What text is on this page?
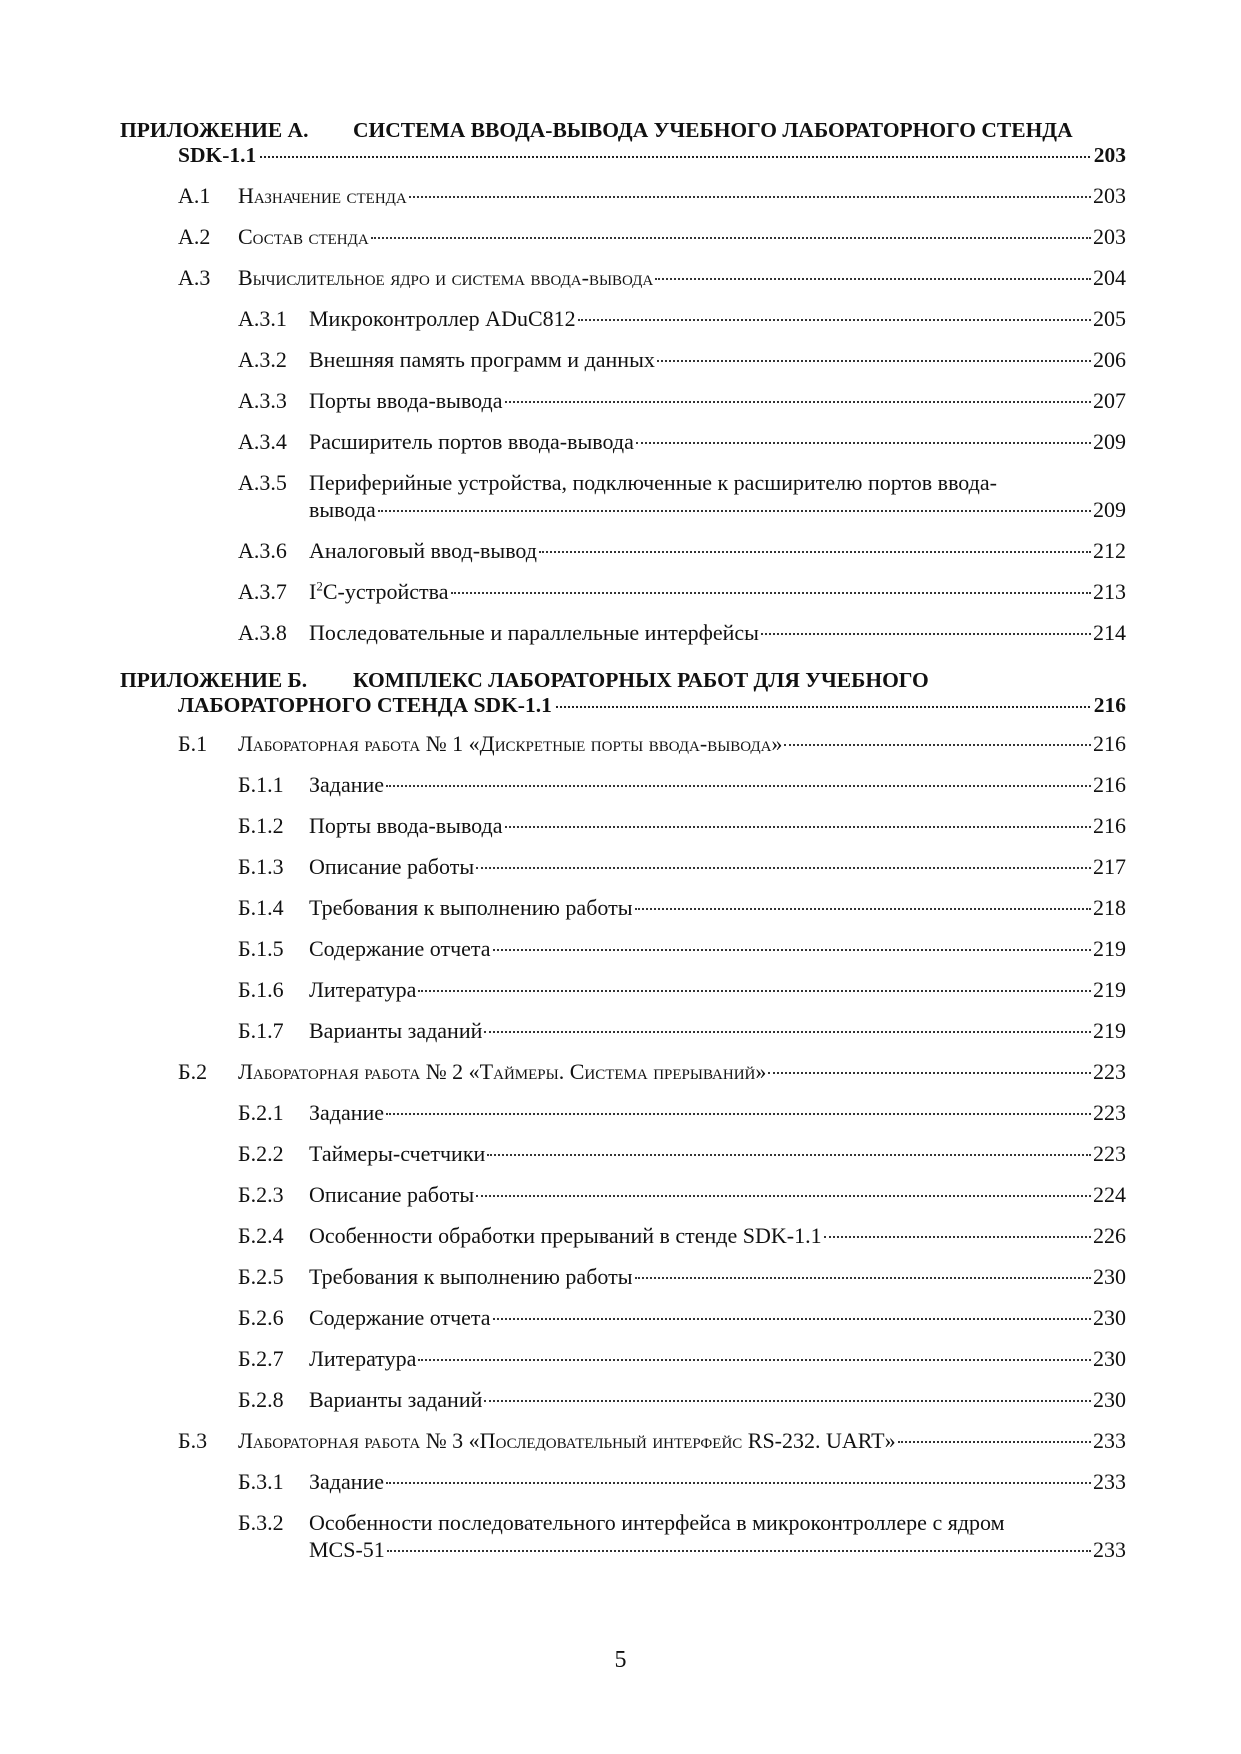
ПРИЛОЖЕНИЕ А. СИСТЕМА ВВОДА-ВЫВОДА УЧЕБНОГО ЛАБОРАТОРНОГО СТЕНДА
SDK-1.1	203
А.1	Назначение стенда	203
А.2	Состав стенда	203
А.3	Вычислительное ядро и система ввода-вывода	204
А.3.1	Микроконтроллер ADuC812	205
А.3.2	Внешняя память программ и данных	206
А.3.3	Порты ввода-вывода	207
А.3.4	Расширитель портов ввода-вывода	209
А.3.5 Периферийные устройства, подключенные к расширителю портов ввода-
вывода	209
А.3.6	Аналоговый ввод-вывод	212
А.3.7	$I^2C$-устройства	213
А.3.8	Последовательные и параллельные интерфейсы	214
ПРИЛОЖЕНИЕ Б. КОМПЛЕКС ЛАБОРАТОРНЫХ РАБОТ ДЛЯ УЧЕБНОГО
ЛАБОРАТОРНОГО СТЕНДА SDK-1.1	216
Б.1	Лабораторная работа № 1 «Дискретные порты ввода-вывода»	216
Б.1.1	Задание	216
Б.1.2	Порты ввода-вывода	216
Б.1.3	Описание работы	217
Б.1.4	Требования к выполнению работы	218
Б.1.5	Содержание отчета	219
Б.1.6	Литература	219
Б.1.7	Варианты заданий	219
Б.2	Лабораторная работа № 2 «Таймеры. Система прерываний»	223
Б.2.1	Задание	223
Б.2.2	Таймеры-счетчики	223
Б.2.3	Описание работы	224
Б.2.4	Особенности обработки прерываний в стенде SDK-1.1	226
Б.2.5	Требования к выполнению работы	230
Б.2.6	Содержание отчета	230
Б.2.7	Литература	230
Б.2.8	Варианты заданий	230
Б.3	Лабораторная работа № 3 «Последовательный интерфейс RS-232. UART»	233
Б.3.1	Задание	233
Б.3.2 Особенности последовательного интерфейса в микроконтроллере с ядром
MCS-51	233
5
